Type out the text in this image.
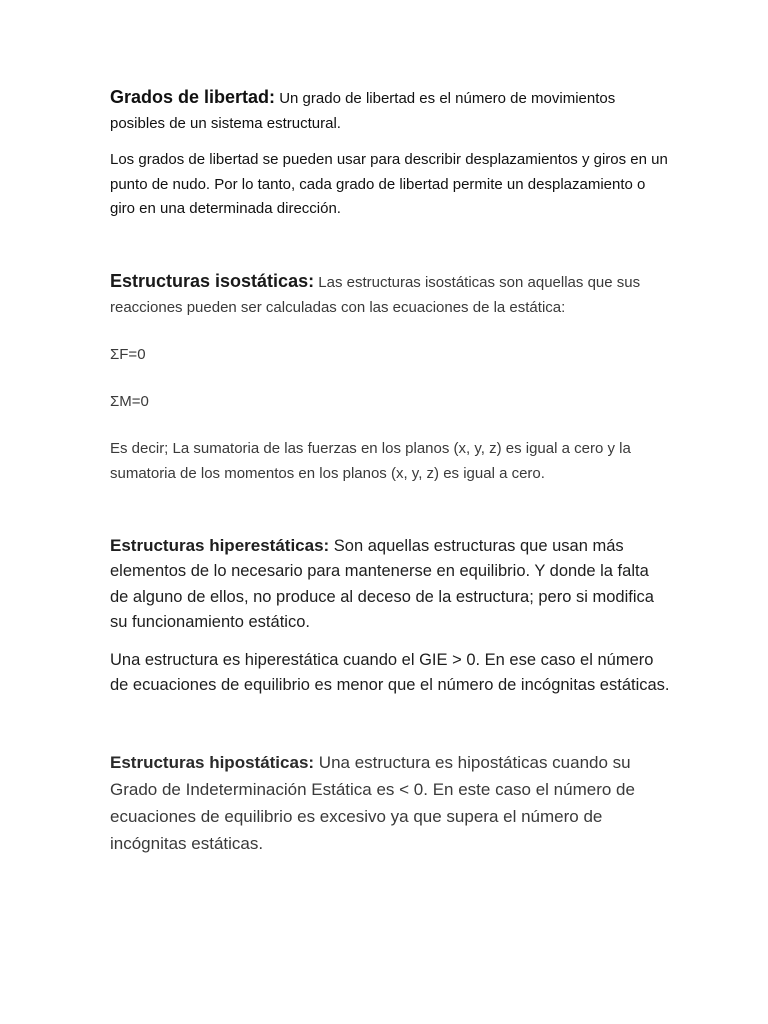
Grados de libertad: Un grado de libertad es el número de movimientos posibles de un sistema estructural.

Los grados de libertad se pueden usar para describir desplazamientos y giros en un punto de nudo. Por lo tanto, cada grado de libertad permite un desplazamiento o giro en una determinada dirección.

Estructuras isostáticas: Las estructuras isostáticas son aquellas que sus reacciones pueden ser calculadas con las ecuaciones de la estática:

ΣF=0

ΣM=0

Es decir; La sumatoria de las fuerzas en los planos (x, y, z) es igual a cero y la sumatoria de los momentos en los planos (x, y, z) es igual a cero.

Estructuras hiperestáticas: Son aquellas estructuras que usan más elementos de lo necesario para mantenerse en equilibrio. Y donde la falta de alguno de ellos, no produce al deceso de la estructura; pero si modifica su funcionamiento estático.

Una estructura es hiperestática cuando el GIE > 0. En ese caso el número de ecuaciones de equilibrio es menor que el número de incógnitas estáticas.

Estructuras hipostáticas: Una estructura es hipostáticas cuando su Grado de Indeterminación Estática es < 0. En este caso el número de ecuaciones de equilibrio es excesivo ya que supera el número de incógnitas estáticas.
